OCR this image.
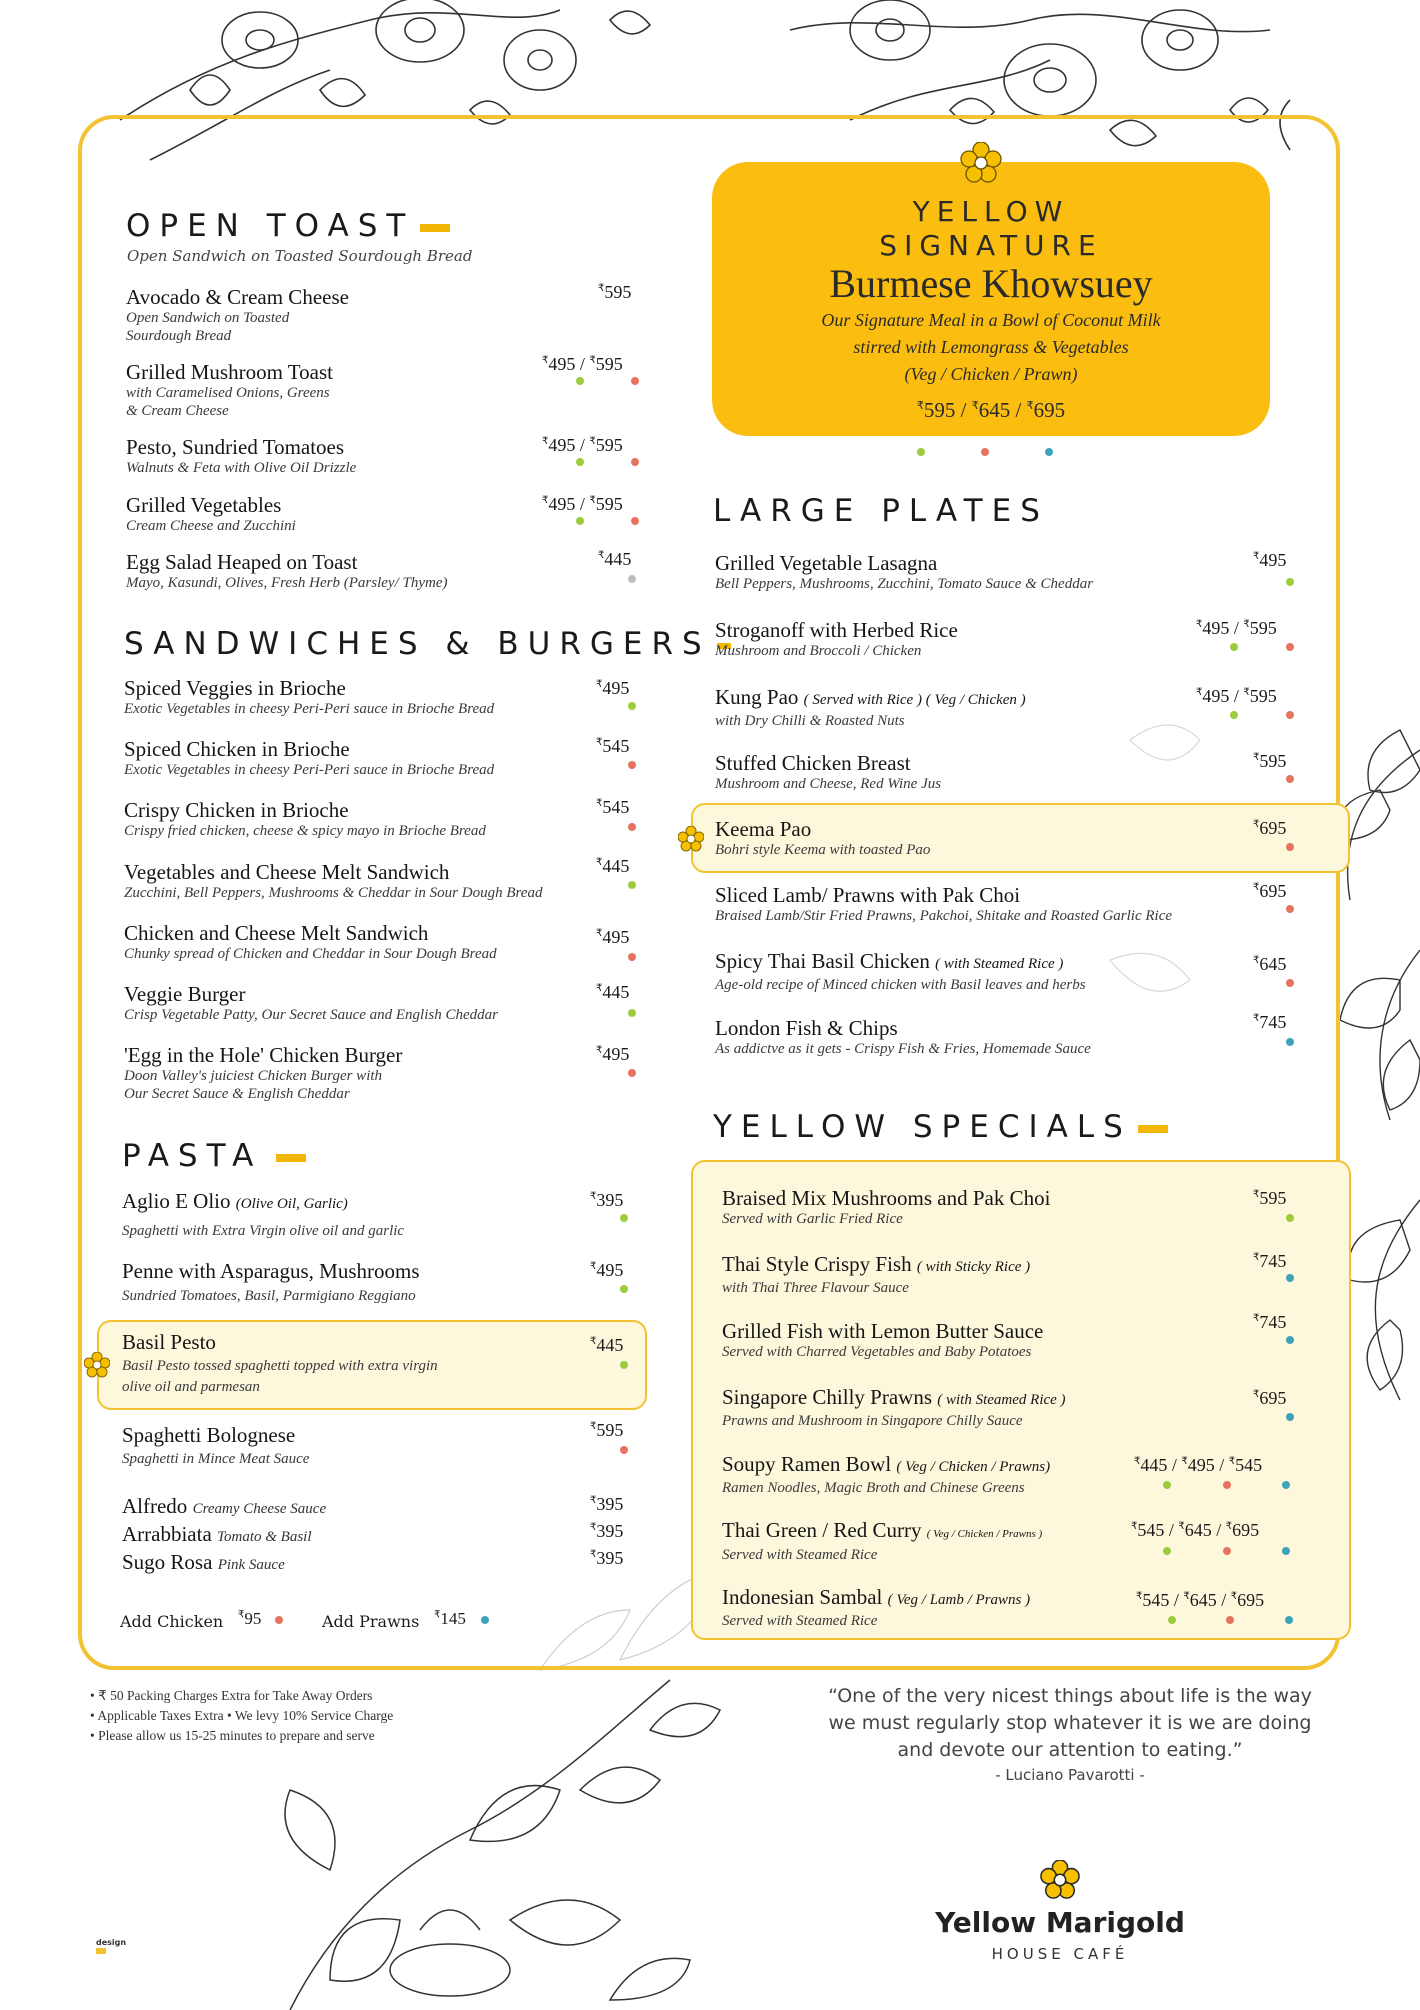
OPEN TOAST
Open Sandwich on Toasted Sourdough Bread
Avocado & Cream Cheese
Open Sandwich on Toasted
Sourdough Bread
₹595
Grilled Mushroom Toast
with Caramelised Onions, Greens
& Cream Cheese
₹495 / ₹595
Pesto, Sundried Tomatoes
Walnuts & Feta with Olive Oil Drizzle
₹495 / ₹595
Grilled Vegetables
Cream Cheese and Zucchini
₹495 / ₹595
Egg Salad Heaped on Toast
Mayo, Kasundi, Olives, Fresh Herb (Parsley/ Thyme)
₹445
SANDWICHES & BURGERS
Spiced Veggies in Brioche
Exotic Vegetables in cheesy Peri-Peri sauce in Brioche Bread
₹495
Spiced Chicken in Brioche
Exotic Vegetables in cheesy Peri-Peri sauce in Brioche Bread
₹545
Crispy Chicken in Brioche
Crispy fried chicken, cheese & spicy mayo in Brioche Bread
₹545
Vegetables and Cheese Melt Sandwich
Zucchini, Bell Peppers, Mushrooms & Cheddar in Sour Dough Bread
₹445
Chicken and Cheese Melt Sandwich
Chunky spread of Chicken and Cheddar in Sour Dough Bread
₹495
Veggie Burger
Crisp Vegetable Patty, Our Secret Sauce and English Cheddar
₹445
'Egg in the Hole' Chicken Burger
Doon Valley's juiciest Chicken Burger with
Our Secret Sauce & English Cheddar
₹495
PASTA
Aglio E Olio (Olive Oil, Garlic)
Spaghetti with Extra Virgin olive oil and garlic
₹395
Penne with Asparagus, Mushrooms
Sundried Tomatoes, Basil, Parmigiano Reggiano
₹495
Basil Pesto
Basil Pesto tossed spaghetti topped with extra virgin
olive oil and parmesan
₹445
Spaghetti Bolognese
Spaghetti in Mince Meat Sauce
₹595
Alfredo Creamy Cheese Sauce
₹395
Arrabbiata Tomato & Basil
₹395
Sugo Rosa Pink Sauce
₹395
Add Chicken ₹95	Add Prawns ₹145
YELLOW
SIGNATURE
Burmese Khowsuey
Our Signature Meal in a Bowl of Coconut Milk
stirred with Lemongrass & Vegetables
(Veg / Chicken / Prawn)
₹595 / ₹645 / ₹695
LARGE PLATES
Grilled Vegetable Lasagna
Bell Peppers, Mushrooms, Zucchini, Tomato Sauce & Cheddar
₹495
Stroganoff with Herbed Rice
Mushroom and Broccoli / Chicken
₹495 / ₹595
Kung Pao ( Served with Rice ) ( Veg / Chicken )
with Dry Chilli & Roasted Nuts
₹495 / ₹595
Stuffed Chicken Breast
Mushroom and Cheese, Red Wine Jus
₹595
Keema Pao
Bohri style Keema with toasted Pao
₹695
Sliced Lamb/ Prawns with Pak Choi
Braised Lamb/Stir Fried Prawns, Pakchoi, Shitake and Roasted Garlic Rice
₹695
Spicy Thai Basil Chicken ( with Steamed Rice )
Age-old recipe of Minced chicken with Basil leaves and herbs
₹645
London Fish & Chips
As addictve as it gets - Crispy Fish & Fries, Homemade Sauce
₹745
YELLOW SPECIALS
Braised Mix Mushrooms and Pak Choi
Served with Garlic Fried Rice
₹595
Thai Style Crispy Fish ( with Sticky Rice )
with Thai Three Flavour Sauce
₹745
Grilled Fish with Lemon Butter Sauce
Served with Charred Vegetables and Baby Potatoes
₹745
Singapore Chilly Prawns ( with Steamed Rice )
Prawns and Mushroom in Singapore Chilly Sauce
₹695
Soupy Ramen Bowl ( Veg / Chicken / Prawns)
Ramen Noodles, Magic Broth and Chinese Greens
₹445 / ₹495 / ₹545
Thai Green / Red Curry ( Veg / Chicken / Prawns )
Served with Steamed Rice
₹545 / ₹645 / ₹695
Indonesian Sambal ( Veg / Lamb / Prawns )
Served with Steamed Rice
₹545 / ₹645 / ₹695
• ₹ 50 Packing Charges Extra for Take Away Orders
• Applicable Taxes Extra • We levy 10% Service Charge
• Please allow us 15-25 minutes to prepare and serve
“One of the very nicest things about life is the way
we must regularly stop whatever it is we are doing
and devote our attention to eating.”
- Luciano Pavarotti -
Yellow Marigold
HOUSE CAFÉ
design
